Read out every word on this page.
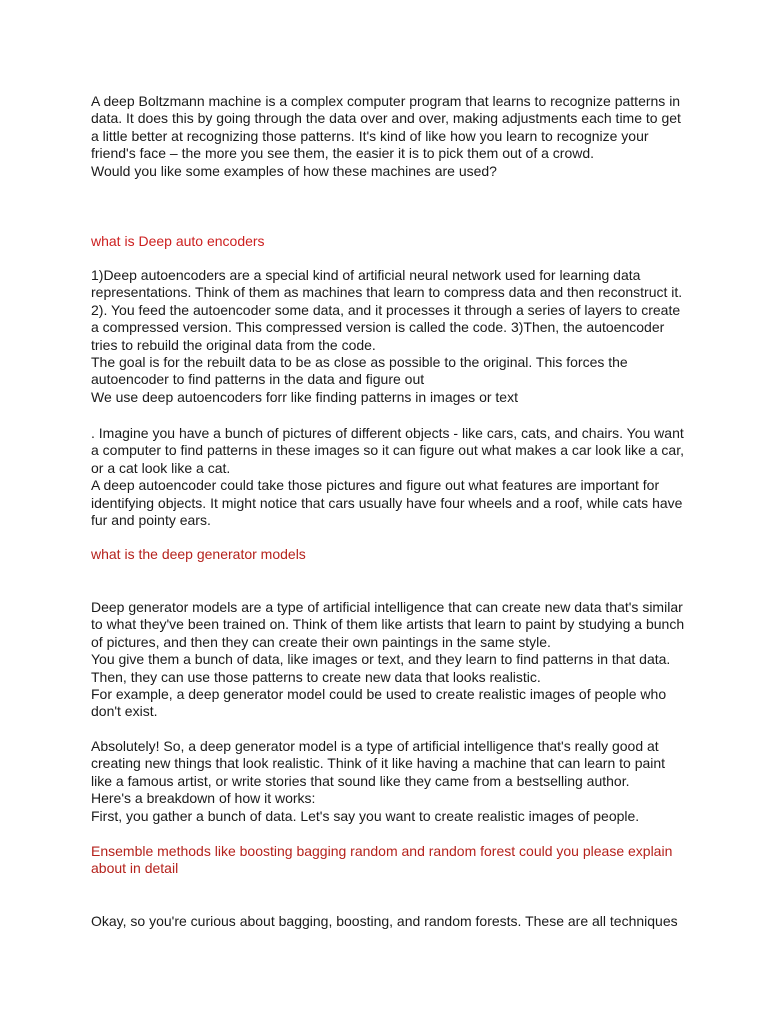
A deep Boltzmann machine is a complex computer program that learns to recognize patterns in
data. It does this by going through the data over and over, making adjustments each time to get
a little better at recognizing those patterns. It's kind of like how you learn to recognize your
friend's face – the more you see them, the easier it is to pick them out of a crowd.
Would you like some examples of how these machines are used?
what is Deep auto encoders
1)Deep autoencoders are a special kind of artificial neural network used for learning data
representations. Think of them as machines that learn to compress data and then reconstruct it.
2). You feed the autoencoder some data, and it processes it through a series of layers to create
a compressed version. This compressed version is called the code. 3)Then, the autoencoder
tries to rebuild the original data from the code.
The goal is for the rebuilt data to be as close as possible to the original. This forces the
autoencoder to find patterns in the data and figure out
We use deep autoencoders forr like finding patterns in images or text
. Imagine you have a bunch of pictures of different objects - like cars, cats, and chairs. You want
a computer to find patterns in these images so it can figure out what makes a car look like a car,
or a cat look like a cat.
A deep autoencoder could take those pictures and figure out what features are important for
identifying objects. It might notice that cars usually have four wheels and a roof, while cats have
fur and pointy ears.
what is the deep generator models
Deep generator models are a type of artificial intelligence that can create new data that's similar
to what they've been trained on. Think of them like artists that learn to paint by studying a bunch
of pictures, and then they can create their own paintings in the same style.
You give them a bunch of data, like images or text, and they learn to find patterns in that data.
Then, they can use those patterns to create new data that looks realistic.
For example, a deep generator model could be used to create realistic images of people who
don't exist.
Absolutely! So, a deep generator model is a type of artificial intelligence that's really good at
creating new things that look realistic. Think of it like having a machine that can learn to paint
like a famous artist, or write stories that sound like they came from a bestselling author.
Here's a breakdown of how it works:
First, you gather a bunch of data. Let's say you want to create realistic images of people.
Ensemble methods like boosting bagging random and random forest could you please explain
about in detail
Okay, so you're curious about bagging, boosting, and random forests. These are all techniques
